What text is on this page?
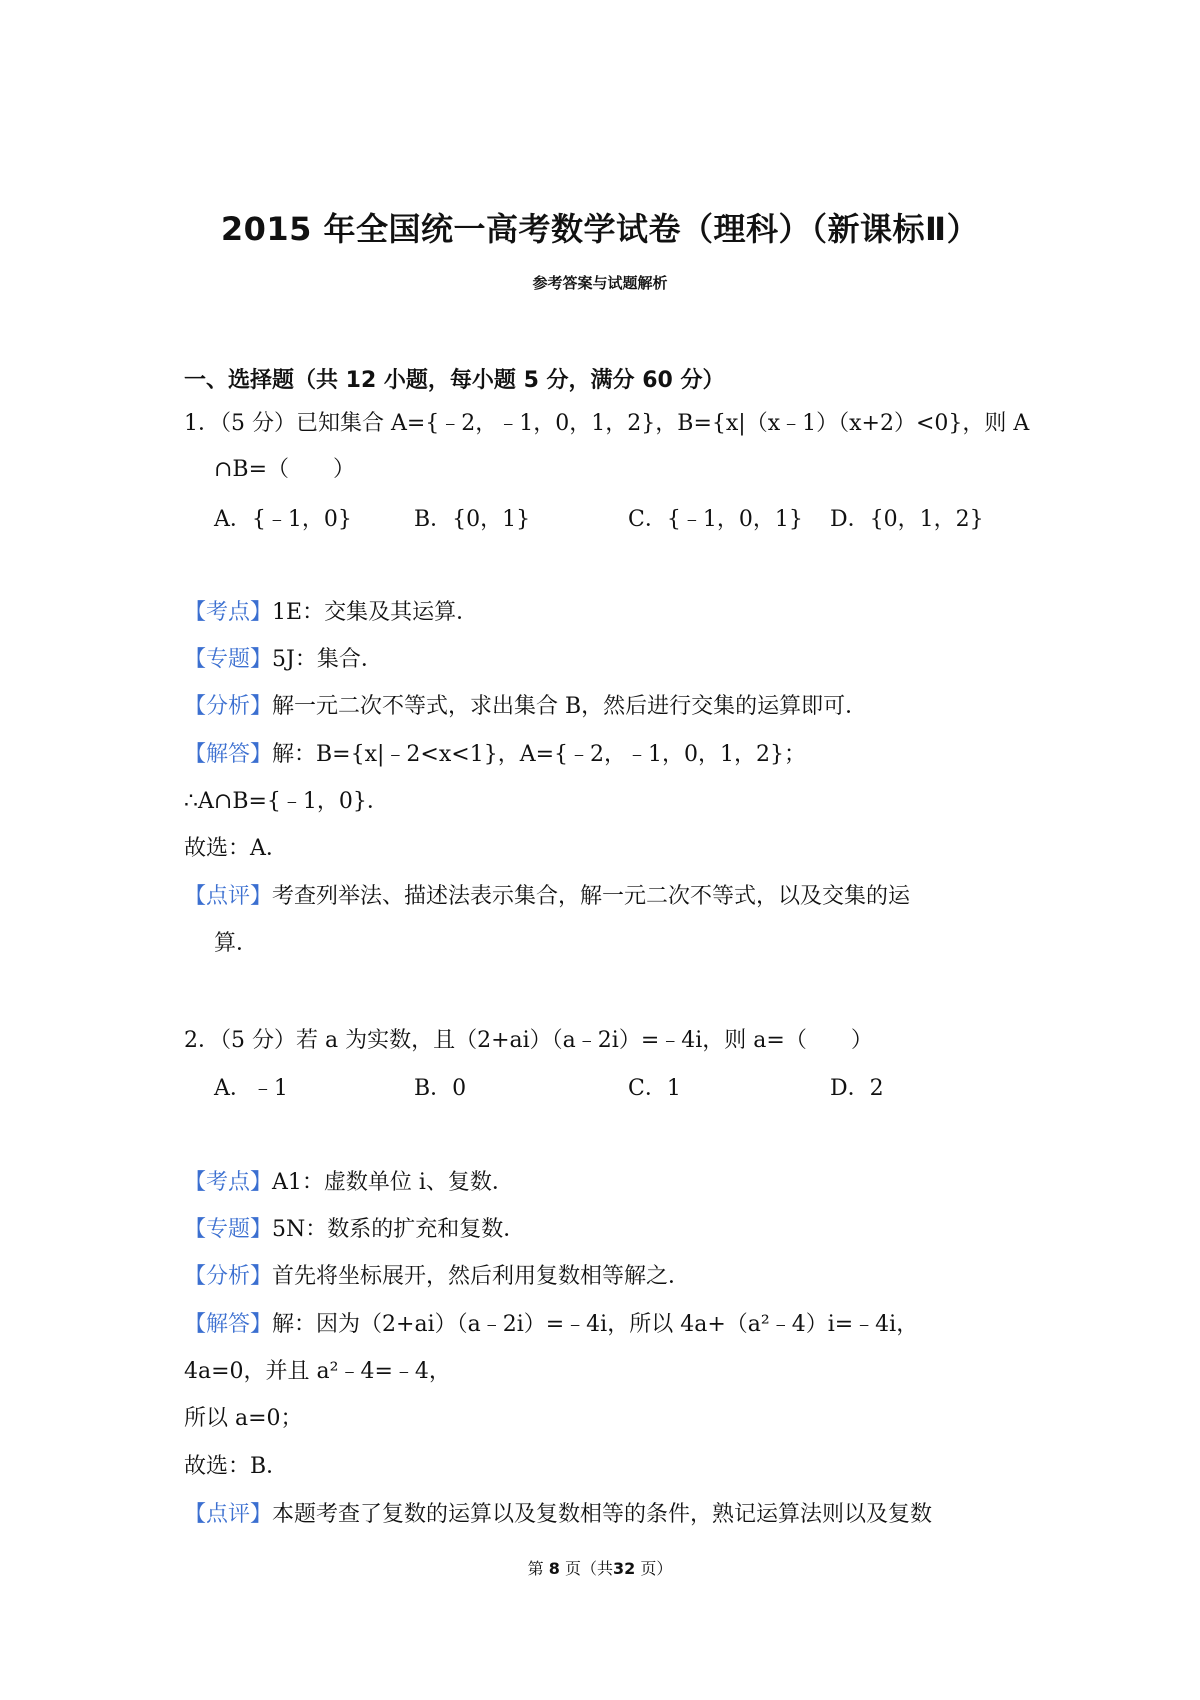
2015 年全国统一高考数学试卷（理科）（新课标Ⅱ）
参考答案与试题解析
一、选择题（共 12 小题，每小题 5 分，满分 60 分）
1．（5 分）已知集合 A={﹣2，﹣1，0，1，2}，B={x|（x﹣1）（x+2）<0}，则 A
∩B=（　　）
A．{﹣1，0}	B．{0，1}	C．{﹣1，0，1} D．{0，1，2}
【考点】1E：交集及其运算．
【专题】5J：集合．
【分析】解一元二次不等式，求出集合 B，然后进行交集的运算即可．
【解答】解：B={x|﹣2<x<1}，A={﹣2，﹣1，0，1，2}；
∴A∩B={﹣1，0}．
故选：A．
【点评】考查列举法、描述法表示集合，解一元二次不等式，以及交集的运
算．
2．（5 分）若 a 为实数，且（2+ai）（a﹣2i）=﹣4i，则 a=（　　）
A．﹣1	B．0	C．1	D．2
【考点】A1：虚数单位 i、复数．
【专题】5N：数系的扩充和复数．
【分析】首先将坐标展开，然后利用复数相等解之．
【解答】解：因为（2+ai）（a﹣2i）=﹣4i，所以 4a+（a²﹣4）i=﹣4i，
4a=0，并且 a²﹣4=﹣4，
所以 a=0；
故选：B．
【点评】本题考查了复数的运算以及复数相等的条件，熟记运算法则以及复数
第 8 页（共32 页）
